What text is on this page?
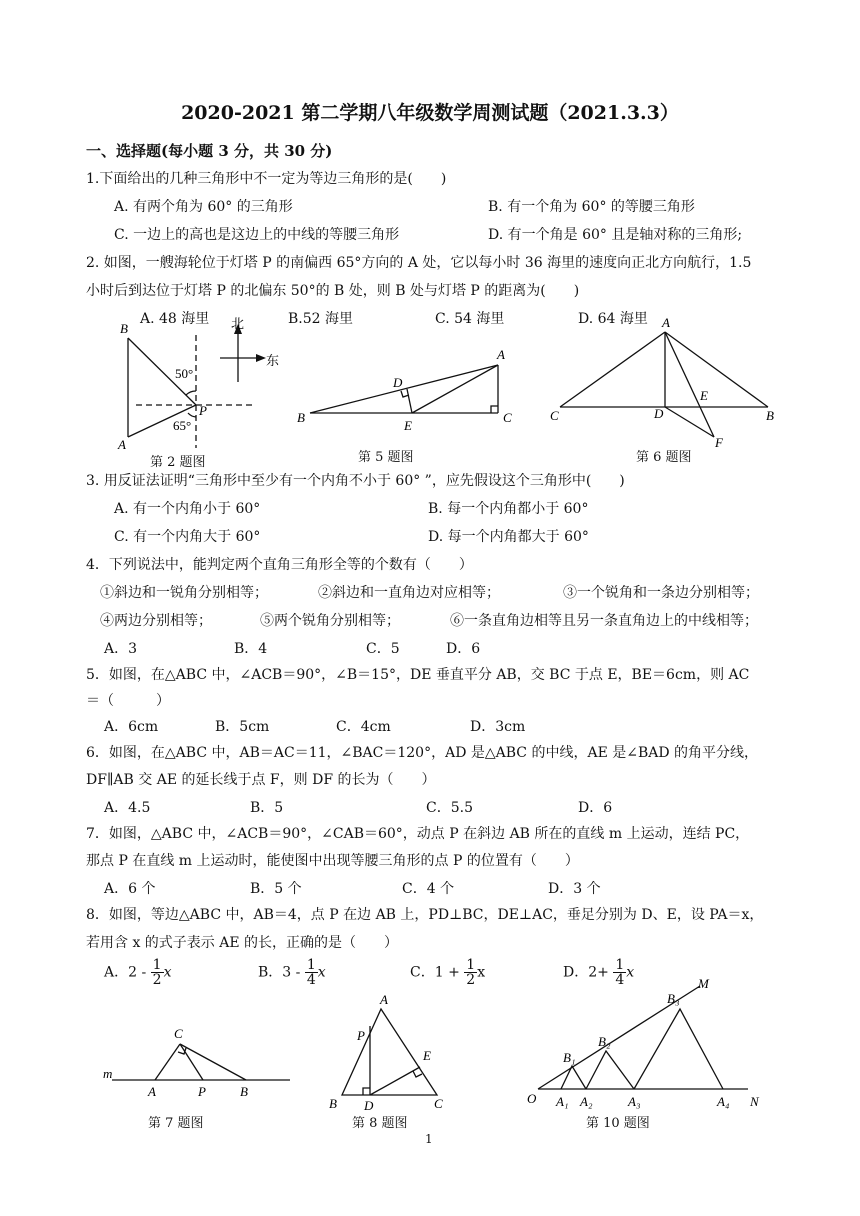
2020-2021 第二学期八年级数学周测试题（2021.3.3）
一、选择题(每小题 3 分，共 30 分)
1.下面给出的几种三角形中不一定为等边三角形的是(　　)
A. 有两个角为 60° 的三角形	B. 有一个角为 60° 的等腰三角形
C. 一边上的高也是这边上的中线的等腰三角形	D. 有一个角是 60° 且是轴对称的三角形;
2. 如图，一艘海轮位于灯塔 P 的南偏西 65°方向的 A 处，它以每小时 36 海里的速度向正北方向航行，1.5
小时后到达位于灯塔 P 的北偏东 50°的 B 处，则 B 处与灯塔 P 的距离为(　　)
A. 48 海里	B.52 海里	C. 54 海里	D. 64 海里
B
A
P
50°
65°
北
东
B
A
C
D
E
A
C	D
E
B
F
m
C
A	P	B
A
P
E
B D	C	O A₁ A₂	A₃	A₄ N
B₁
B₂
B₃
M
第 2 题图	第 5 题图	第 6 题图
3. 用反证法证明“三角形中至少有一个内角不小于 60° ”，应先假设这个三角形中(　　)
A. 有一个内角小于 60°	B. 每一个内角都小于 60°
C. 有一个内角大于 60°	D. 每一个内角都大于 60°
4．下列说法中，能判定两个直角三角形全等的个数有（　　）
①斜边和一锐角分别相等；	②斜边和一直角边对应相等；	③一个锐角和一条边分别相等；
④两边分别相等；	⑤两个锐角分别相等；	⑥一条直角边相等且另一条直角边上的中线相等；
A．3	B．4	C．5	D．6
5．如图，在△ABC 中，∠ACB＝90°，∠B＝15°，DE 垂直平分 AB，交 BC 于点 E，BE＝6cm，则 AC
＝（　　　）
A．6cm	B．5cm	C．4cm	D．3cm
6．如图，在△ABC 中，AB＝AC＝11，∠BAC＝120°，AD 是△ABC 的中线，AE 是∠BAD 的角平分线，
DF∥AB 交 AE 的延长线于点 F，则 DF 的长为（　　）
A．4.5	B．5	C．5.5	D．6
7．如图，△ABC 中，∠ACB＝90°，∠CAB＝60°，动点 P 在斜边 AB 所在的直线 m 上运动，连结 PC，
那点 P 在直线 m 上运动时，能使图中出现等腰三角形的点 P 的位置有（　　）
A．6 个	B．5 个	C．4 个	D．3 个
8．如图，等边△ABC 中，AB＝4，点 P 在边 AB 上，PD⊥BC，DE⊥AC，垂足分别为 D、E，设 PA＝x，
若用含 x 的式子表示 AE 的长，正确的是（　　）
A．$2 - \frac{1}{2}$ x	B．$3 - \frac{1}{4}$ x	C．$1 + \frac{1}{2}$ x	D．$2+ \frac{1}{4}$ x
第 7 题图	第 8 题图	第 10 题图
1
